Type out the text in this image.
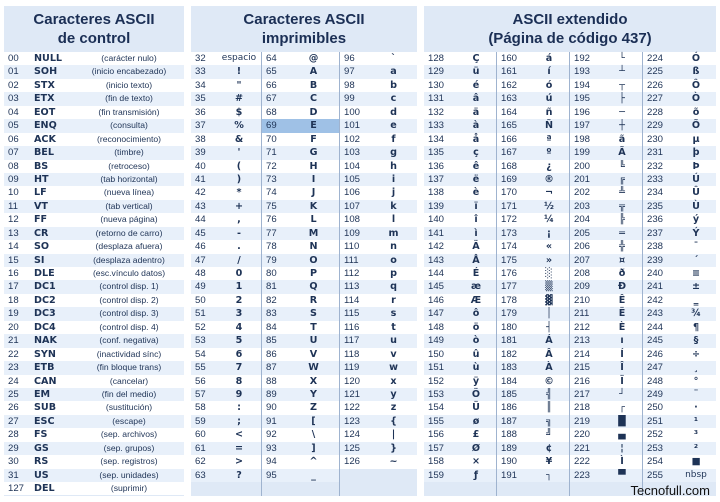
Caracteres ASCII
de control
00	NULL	(carácter nulo)
01	SOH	(inicio encabezado)
02	STX	(inicio texto)
03	ETX	(fin de texto)
04	EOT	(fin transmisión)
05	ENQ	(consulta)
06	ACK	(reconocimiento)
07	BEL	(timbre)
08	BS	(retroceso)
09	HT	(tab horizontal)
10	LF	(nueva línea)
11	VT	(tab vertical)
12	FF	(nueva página)
13	CR	(retorno de carro)
14	SO	(desplaza afuera)
15	SI	(desplaza adentro)
16	DLE	(esc.vínculo datos)
17	DC1	(control disp. 1)
18	DC2	(control disp. 2)
19	DC3	(control disp. 3)
20	DC4	(control disp. 4)
21	NAK	(conf. negativa)
22	SYN	(inactividad sínc)
23	ETB	(fin bloque trans)
24	CAN	(cancelar)
25	EM	(fin del medio)
26	SUB	(sustitución)
27	ESC	(escape)
28	FS	(sep. archivos)
29	GS	(sep. grupos)
30	RS	(sep. registros)
31	US	(sep. unidades)
127	DEL	(suprimir)
Caracteres ASCII
imprimibles
32	espacio
33	!
34	"
35	#
36	$
37	%
38	&
39	'
40	(
41	)
42	*
43	+
44	,
45	-
46	.
47	/
48	0
49	1
50	2
51	3
52	4
53	5
54	6
55	7
56	8
57	9
58	:
59	;
60	<
61	=
62	>
63	?
64	@
65	A
66	B
67	C
68	D
69	E
70	F
71	G
72	H
73	I
74	J
75	K
76	L
77	M
78	N
79	O
80	P
81	Q
82	R
83	S
84	T
85	U
86	V
87	W
88	X
89	Y
90	Z
91	[
92	\
93	]
94	^
95	_
96	`
97	a
98	b
99	c
100	d
101	e
102	f
103	g
104	h
105	i
106	j
107	k
108	l
109	m
110	n
111	o
112	p
113	q
114	r
115	s
116	t
117	u
118	v
119	w
120	x
121	y
122	z
123	{
124	|
125	}
126	~
ASCII extendido
(Página de código 437)
128	Ç
129	ü
130	é
131	â
132	ä
133	à
134	å
135	ç
136	ê
137	ë
138	è
139	ï
140	î
141	ì
142	Ä
143	Å
144	É
145	æ
146	Æ
147	ô
148	ö
149	ò
150	û
151	ù
152	ÿ
153	Ö
154	Ü
155	ø
156	£
157	Ø
158	×
159	ƒ
160	á
161	í
162	ó
163	ú
164	ñ
165	Ñ
166	ª
167	º
168	¿
169	®
170	¬
171	½
172	¼
173	¡
174	«
175	»
176	░
177	▒
178	▓
179	│
180	┤
181	Á
182	Â
183	À
184	©
185	╣
186	║
187	╗
188	╝
189	¢
190	¥
191	┐
192	└
193	┴
194	┬
195	├
196	─
197	┼
198	ã
199	Ã
200	╚
201	╔
202	╩
203	╦
204	╠
205	═
206	╬
207	¤
208	ð
209	Ð
210	Ê
211	Ë
212	È
213	ı
214	Í
215	Î
216	Ï
217	┘
218	┌
219	█
220	▄
221	¦
222	Ì
223	▀
224	Ó
225	ß
226	Ô
227	Ò
228	õ
229	Õ
230	µ
231	þ
232	Þ
233	Ú
234	Û
235	Ù
236	ý
237	Ý
238	¯
239	´
240	≡
241	±
242	‗
243	¾
244	¶
245	§
246	÷
247	¸
248	°
249	¨
250	·
251	¹
252	³
253	²
254	■
255	nbsp
Tecnofull.com
